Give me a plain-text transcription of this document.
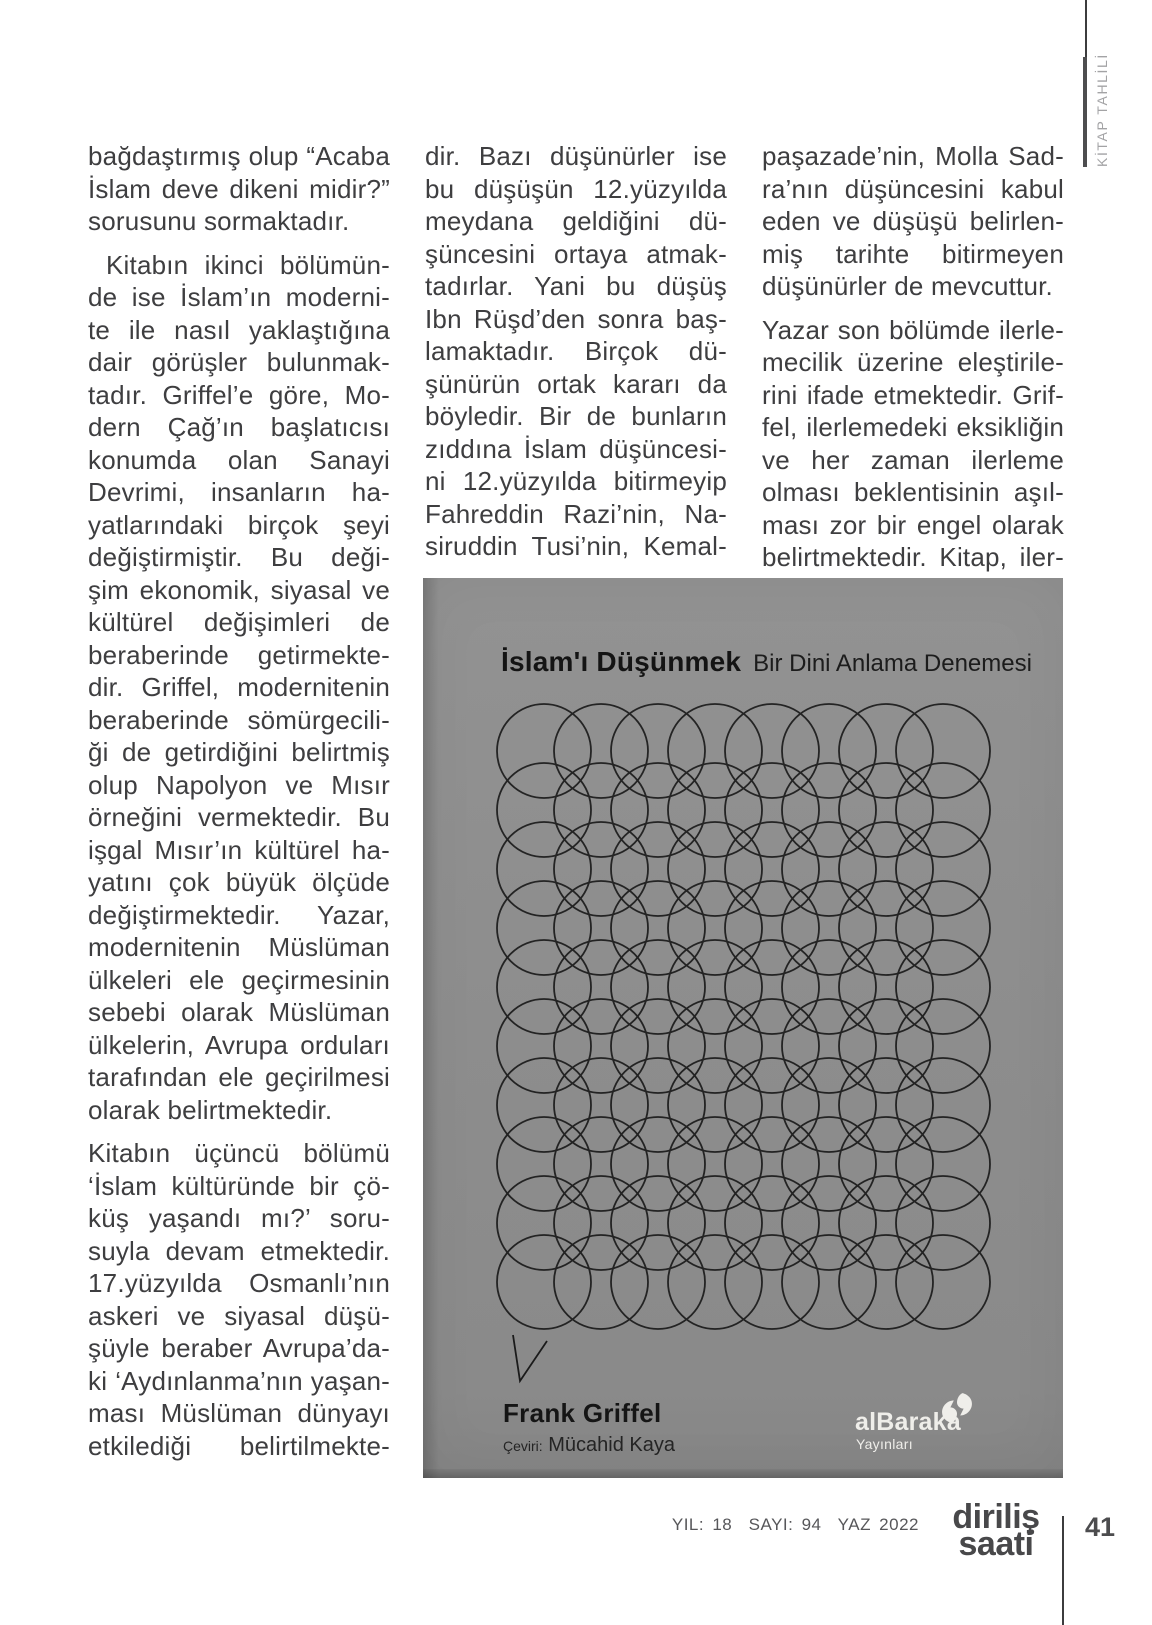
bağdaştırmış olup “Acaba
İslam deve dikeni midir?”
sorusunu sormaktadır.
Kitabın ikinci bölümün-
de ise İslam’ın moderni-
te ile nasıl yaklaştığına
dair görüşler bulunmak-
tadır. Griffel’e göre, Mo-
dern Çağ’ın başlatıcısı
konumda olan Sanayi
Devrimi, insanların ha-
yatlarındaki birçok şeyi
değiştirmiştir. Bu deği-
şim ekonomik, siyasal ve
kültürel değişimleri de
beraberinde getirmekte-
dir. Griffel, modernitenin
beraberinde sömürgecili-
ği de getirdiğini belirtmiş
olup Napolyon ve Mısır
örneğini vermektedir. Bu
işgal Mısır’ın kültürel ha-
yatını çok büyük ölçüde
değiştirmektedir. Yazar,
modernitenin Müslüman
ülkeleri ele geçirmesinin
sebebi olarak Müslüman
ülkelerin, Avrupa orduları
tarafından ele geçirilmesi
olarak belirtmektedir.
Kitabın üçüncü bölümü
‘İslam kültüründe bir çö-
küş yaşandı mı?’ soru-
suyla devam etmektedir.
17.yüzyılda Osmanlı’nın
askeri ve siyasal düşü-
şüyle beraber Avrupa’da-
ki ‘Aydınlanma’nın yaşan-
ması Müslüman dünyayı
etkilediği belirtilmekte-
dir. Bazı düşünürler ise
bu düşüşün 12.yüzyılda
meydana geldiğini dü-
şüncesini ortaya atmak-
tadırlar. Yani bu düşüş
Ibn Rüşd’den sonra baş-
lamaktadır. Birçok dü-
şünürün ortak kararı da
böyledir. Bir de bunların
zıddına İslam düşüncesi-
ni 12.yüzyılda bitirmeyip
Fahreddin Razi’nin, Na-
siruddin Tusi’nin, Kemal-
paşazade’nin, Molla Sad-
ra’nın düşüncesini kabul
eden ve düşüşü belirlen-
miş tarihte bitirmeyen
düşünürler de mevcuttur.
Yazar son bölümde ilerle-
mecilik üzerine eleştirile-
rini ifade etmektedir. Grif-
fel, ilerlemedeki eksikliğin
ve her zaman ilerleme
olması beklentisinin aşıl-
ması zor bir engel olarak
belirtmektedir. Kitap, iler-
KİTAP TAHLİLİ
İslam'ı Düşünmek Bir Dini Anlama Denemesi
Frank Griffel
Çeviri: Mücahid Kaya
alBaraka
Yayınları
YIL: 18  SAYI: 94  YAZ 2022 diriliş
saati	41
